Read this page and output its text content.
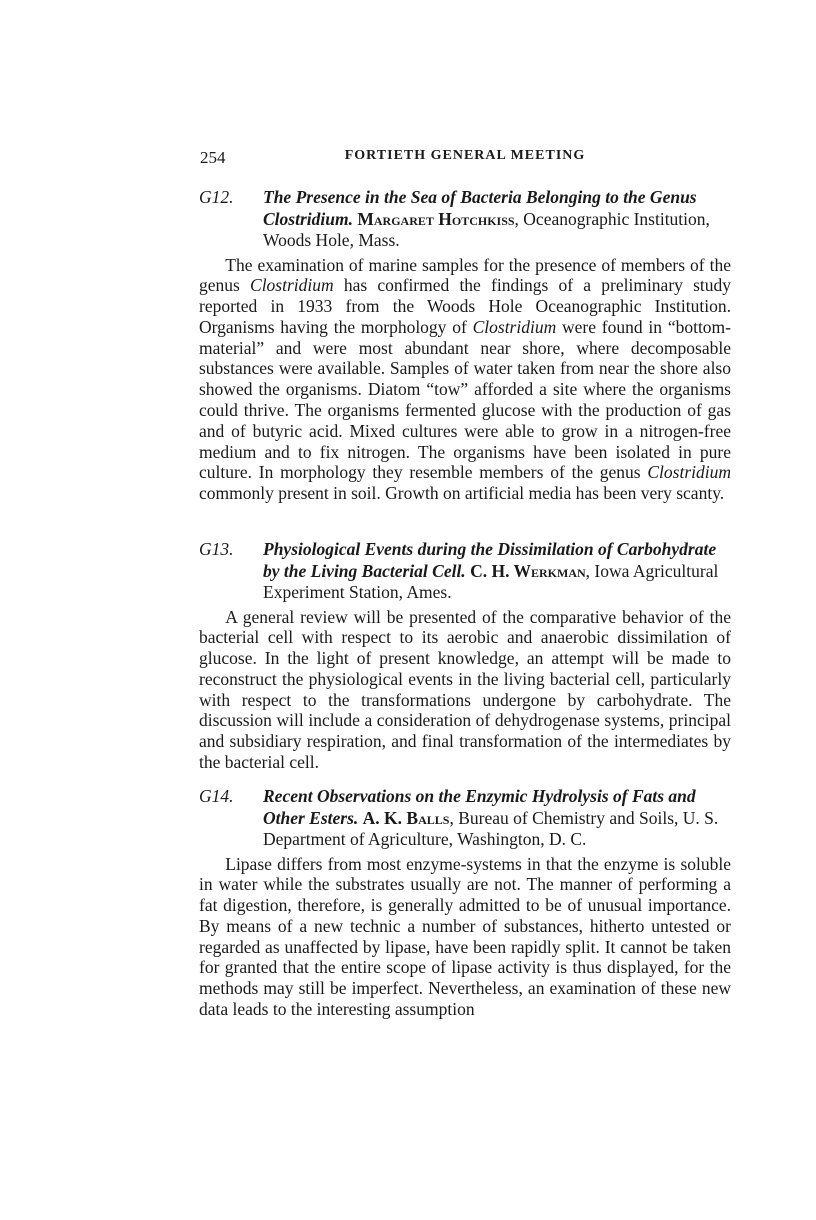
254	FORTIETH GENERAL MEETING

G12. The Presence in the Sea of Bacteria Belonging to the Genus Clostridium. Margaret Hotchkiss, Oceanographic Institution, Woods Hole, Mass.

The examination of marine samples for the presence of members of the genus Clostridium has confirmed the findings of a preliminary study reported in 1933 from the Woods Hole Oceanographic Institution. Organisms having the morphology of Clostridium were found in “bottom-material” and were most abundant near shore, where decomposable substances were available. Samples of water taken from near the shore also showed the organisms. Diatom “tow” afforded a site where the organisms could thrive. The organisms fermented glucose with the production of gas and of butyric acid. Mixed cultures were able to grow in a nitrogen-free medium and to fix nitrogen. The organisms have been isolated in pure culture. In morphology they resemble members of the genus Clostridium commonly present in soil. Growth on artificial media has been very scanty.

G13. Physiological Events during the Dissimilation of Carbohydrate by the Living Bacterial Cell. C. H. Werkman, Iowa Agricultural Experiment Station, Ames.

A general review will be presented of the comparative behavior of the bacterial cell with respect to its aerobic and anaerobic dissimilation of glucose. In the light of present knowledge, an attempt will be made to reconstruct the physiological events in the living bacterial cell, particularly with respect to the transformations undergone by carbohydrate. The discussion will include a consideration of dehydrogenase systems, principal and subsidiary respiration, and final transformation of the intermediates by the bacterial cell.

G14. Recent Observations on the Enzymic Hydrolysis of Fats and Other Esters. A. K. Balls, Bureau of Chemistry and Soils, U. S. Department of Agriculture, Washington, D. C.

Lipase differs from most enzyme-systems in that the enzyme is soluble in water while the substrates usually are not. The manner of performing a fat digestion, therefore, is generally admitted to be of unusual importance. By means of a new technic a number of substances, hitherto untested or regarded as unaffected by lipase, have been rapidly split. It cannot be taken for granted that the entire scope of lipase activity is thus displayed, for the methods may still be imperfect. Nevertheless, an examination of these new data leads to the interesting assumption
